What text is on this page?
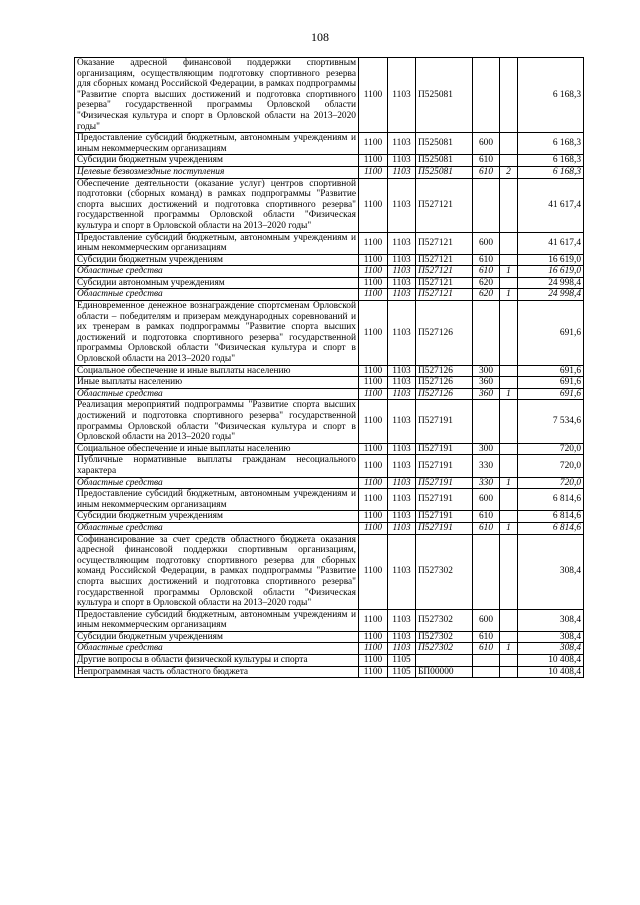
108
Оказание адресной финансовой поддержки спортивным организациям, осуществляющим подготовку спортивного резерва для сборных команд Российской Федерации, в рамках подпрограммы "Развитие спорта высших достижений и подготовка спортивного резерва" государственной программы Орловской области "Физическая культура и спорт в Орловской области на 2013–2020 годы"	1100	1103	П525081			6 168,3
Предоставление субсидий бюджетным, автономным учреждениям и иным некоммерческим организациям	1100	1103	П525081	600		6 168,3
Субсидии бюджетным учреждениям	1100	1103	П525081	610		6 168,3
Целевые безвозмездные поступления	1100	1103	П525081	610	2	6 168,3
Обеспечение деятельности (оказание услуг) центров спортивной подготовки (сборных команд) в рамках подпрограммы "Развитие спорта высших достижений и подготовка спортивного резерва" государственной программы Орловской области "Физическая культура и спорт в Орловской области на 2013–2020 годы"	1100	1103	П527121			41 617,4
Предоставление субсидий бюджетным, автономным учреждениям и иным некоммерческим организациям	1100	1103	П527121	600		41 617,4
Субсидии бюджетным учреждениям	1100	1103	П527121	610		16 619,0
Областные средства	1100	1103	П527121	610	1	16 619,0
Субсидии автономным учреждениям	1100	1103	П527121	620		24 998,4
Областные средства	1100	1103	П527121	620	1	24 998,4
Единовременное денежное вознаграждение спортсменам Орловской области – победителям и призерам международных соревнований и их тренерам в рамках подпрограммы "Развитие спорта высших достижений и подготовка спортивного резерва" государственной программы Орловской области "Физическая культура и спорт в Орловской области на 2013–2020 годы"	1100	1103	П527126			691,6
Социальное обеспечение и иные выплаты населению	1100	1103	П527126	300		691,6
Иные выплаты населению	1100	1103	П527126	360		691,6
Областные средства	1100	1103	П527126	360	1	691,6
Реализация мероприятий подпрограммы "Развитие спорта высших достижений и подготовка спортивного резерва" государственной программы Орловской области "Физическая культура и спорт в Орловской области на 2013–2020 годы"	1100	1103	П527191			7 534,6
Социальное обеспечение и иные выплаты населению	1100	1103	П527191	300		720,0
Публичные нормативные выплаты гражданам несоциального характера	1100	1103	П527191	330		720,0
Областные средства	1100	1103	П527191	330	1	720,0
Предоставление субсидий бюджетным, автономным учреждениям и иным некоммерческим организациям	1100	1103	П527191	600		6 814,6
Субсидии бюджетным учреждениям	1100	1103	П527191	610		6 814,6
Областные средства	1100	1103	П527191	610	1	6 814,6
Софинансирование за счет средств областного бюджета оказания адресной финансовой поддержки спортивным организациям, осуществляющим подготовку спортивного резерва для сборных команд Российской Федерации, в рамках подпрограммы "Развитие спорта высших достижений и подготовка спортивного резерва" государственной программы Орловской области "Физическая культура и спорт в Орловской области на 2013–2020 годы"	1100	1103	П527302			308,4
Предоставление субсидий бюджетным, автономным учреждениям и иным некоммерческим организациям	1100	1103	П527302	600		308,4
Субсидии бюджетным учреждениям	1100	1103	П527302	610		308,4
Областные средства	1100	1103	П527302	610	1	308,4
Другие вопросы в области физической культуры и спорта	1100	1105				10 408,4
Непрограммная часть областного бюджета	1100	1105	БП00000			10 408,4
